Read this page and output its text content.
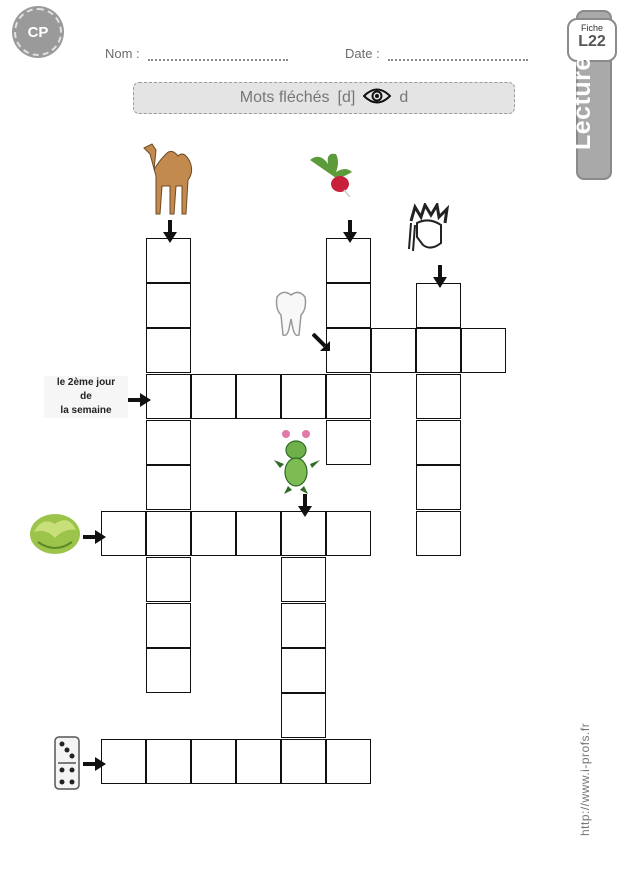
CP
Nom :	Date :
Fiche
L22
Lecture
Mots fléchés [d]	d
le 2ème jour
de
la semaine
http://www.i-profs.fr
